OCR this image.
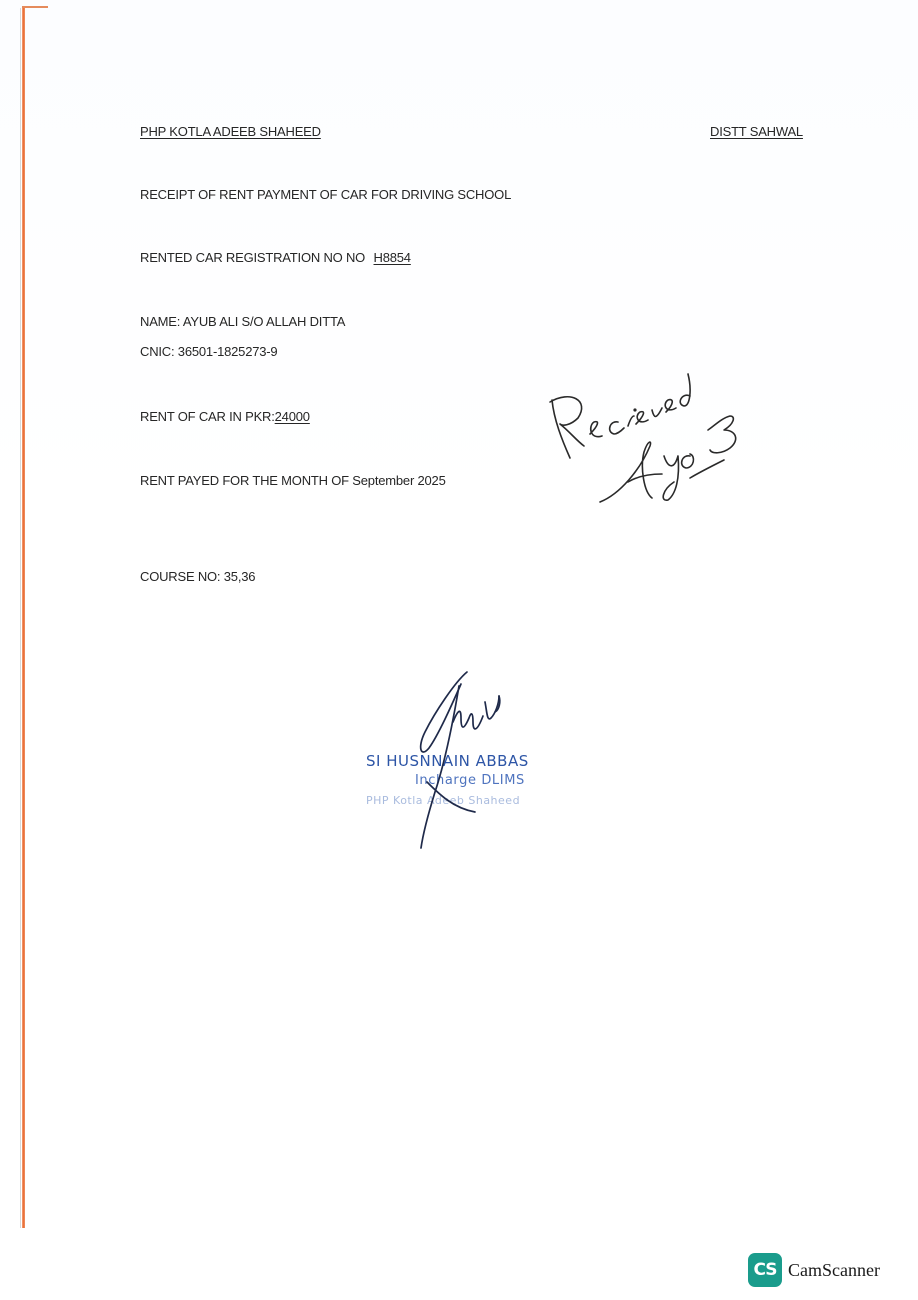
PHP KOTLA ADEEB SHAHEED	DISTT SAHWAL
RECEIPT OF RENT PAYMENT OF CAR FOR DRIVING SCHOOL
RENTED CAR REGISTRATION NO NO H8854
NAME: AYUB ALI S/O ALLAH DITTA
CNIC: 36501-1825273-9
RENT OF CAR IN PKR:24000
RENT PAYED FOR THE MONTH OF September 2025
COURSE NO: 35,36
SI HUSNNAIN ABBAS
Incharge DLIMS
PHP Kotla Adeeb Shaheed
CS CamScanner
